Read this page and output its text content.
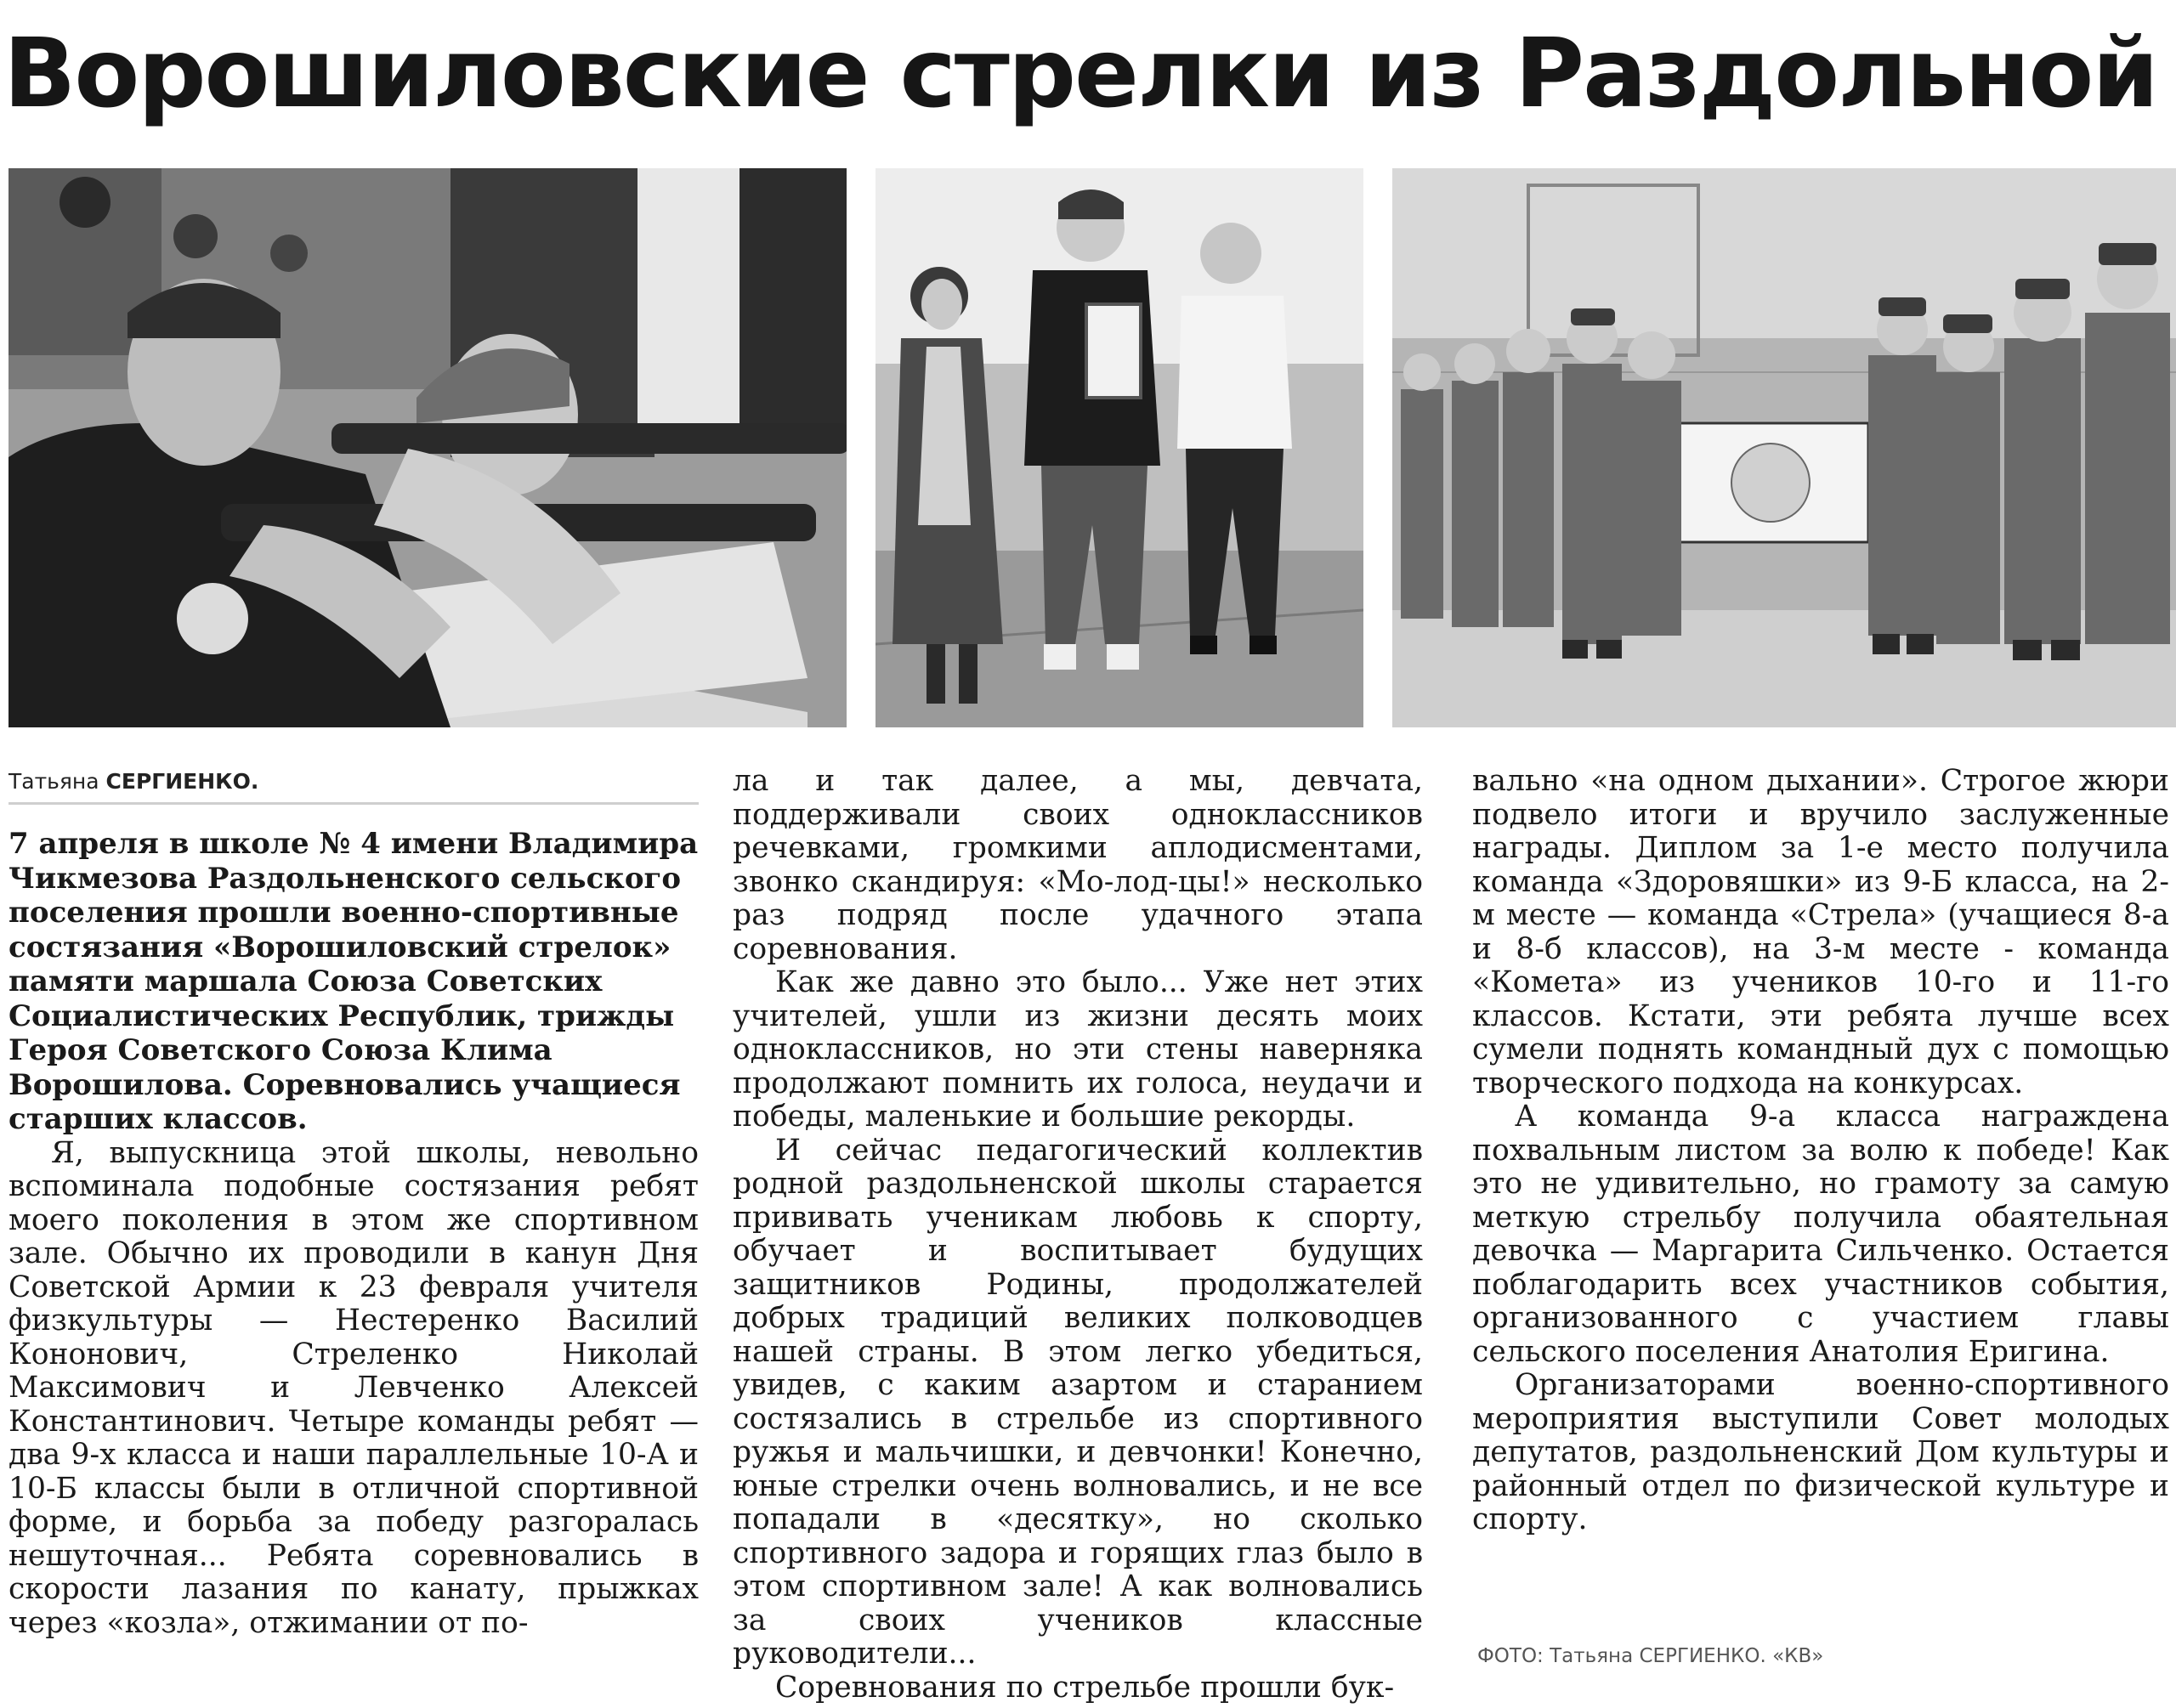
Ворошиловские стрелки из Раздольной
Татьяна СЕРГИЕНКО.

7 апреля в школе № 4 имени Владимира Чикмезова Раздольненского сельского поселения прошли военно-спортивные состязания «Ворошиловский стрелок» памяти маршала Союза Советских Социалистических Республик, трижды Героя Советского Союза Клима Ворошилова. Соревновались учащиеся старших классов.

Я, выпускница этой школы, невольно вспоминала подобные состязания ребят моего поколения в этом же спортивном зале. Обычно их проводили в канун Дня Советской Армии к 23 февраля учителя физкультуры — Нестеренко Василий Кононович, Стреленко Николай Максимович и Левченко Алексей Константинович. Четыре команды ребят — два 9-х класса и наши параллельные 10-А и 10-Б классы были в отличной спортивной форме, и борьба за победу разгоралась нешуточная... Ребята соревновались в скорости лазания по канату, прыжках через «козла», отжимании от по-

ла и так далее, а мы, девчата, поддерживали своих одноклассников речевками, громкими аплодисментами, звонко скандируя: «Мо-лод-цы!» несколько раз подряд после удачного этапа соревнования.

Как же давно это было... Уже нет этих учителей, ушли из жизни десять моих одноклассников, но эти стены наверняка продолжают помнить их голоса, неудачи и победы, маленькие и большие рекорды.

И сейчас педагогический коллектив родной раздольненской школы старается прививать ученикам любовь к спорту, обучает и воспитывает будущих защитников Родины, продолжателей добрых традиций великих полководцев нашей страны. В этом легко убедиться, увидев, с каким азартом и старанием состязались в стрельбе из спортивного ружья и мальчишки, и девчонки! Конечно, юные стрелки очень волновались, и не все попадали в «десятку», но сколько спортивного задора и горящих глаз было в этом спортивном зале! А как волновались за своих учеников классные руководители...

Соревнования по стрельбе прошли бук-

вально «на одном дыхании». Строгое жюри подвело итоги и вручило заслуженные награды. Диплом за 1-е место получила команда «Здоровяшки» из 9-Б класса, на 2-м месте — команда «Стрела» (учащиеся 8-а и 8-б классов), на 3-м месте - команда «Комета» из учеников 10-го и 11-го классов. Кстати, эти ребята лучше всех сумели поднять командный дух с помощью творческого подхода на конкурсах.

А команда 9-а класса награждена похвальным листом за волю к победе! Как это не удивительно, но грамоту за самую меткую стрельбу получила обаятельная девочка — Маргарита Сильченко. Остается поблагодарить всех участников события, организованного с участием главы сельского поселения Анатолия Еригина.

Организаторами военно-спортивного мероприятия выступили Совет молодых депутатов, раздольненский Дом культуры и районный отдел по физической культуре и спорту.

ФОТО: Татьяна СЕРГИЕНКО. «КВ»
